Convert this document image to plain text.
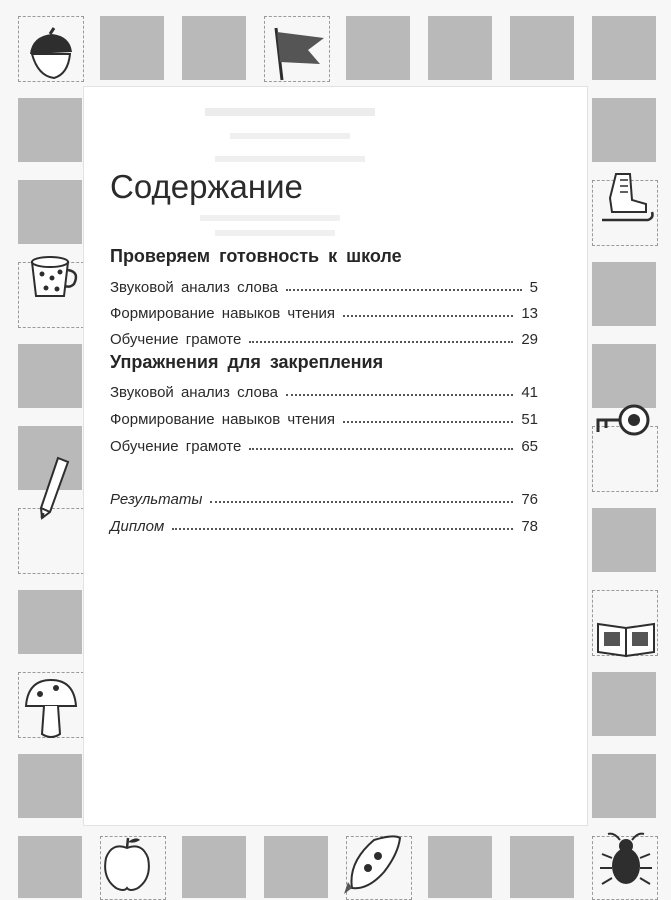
Содержание
Проверяем готовность к школе
Звуковой анализ слова	5
Формирование навыков чтения	13
Обучение грамоте	29
Упражнения для закрепления
Звуковой анализ слова	41
Формирование навыков чтения	51
Обучение грамоте	65
Результаты	76
Диплом	78
